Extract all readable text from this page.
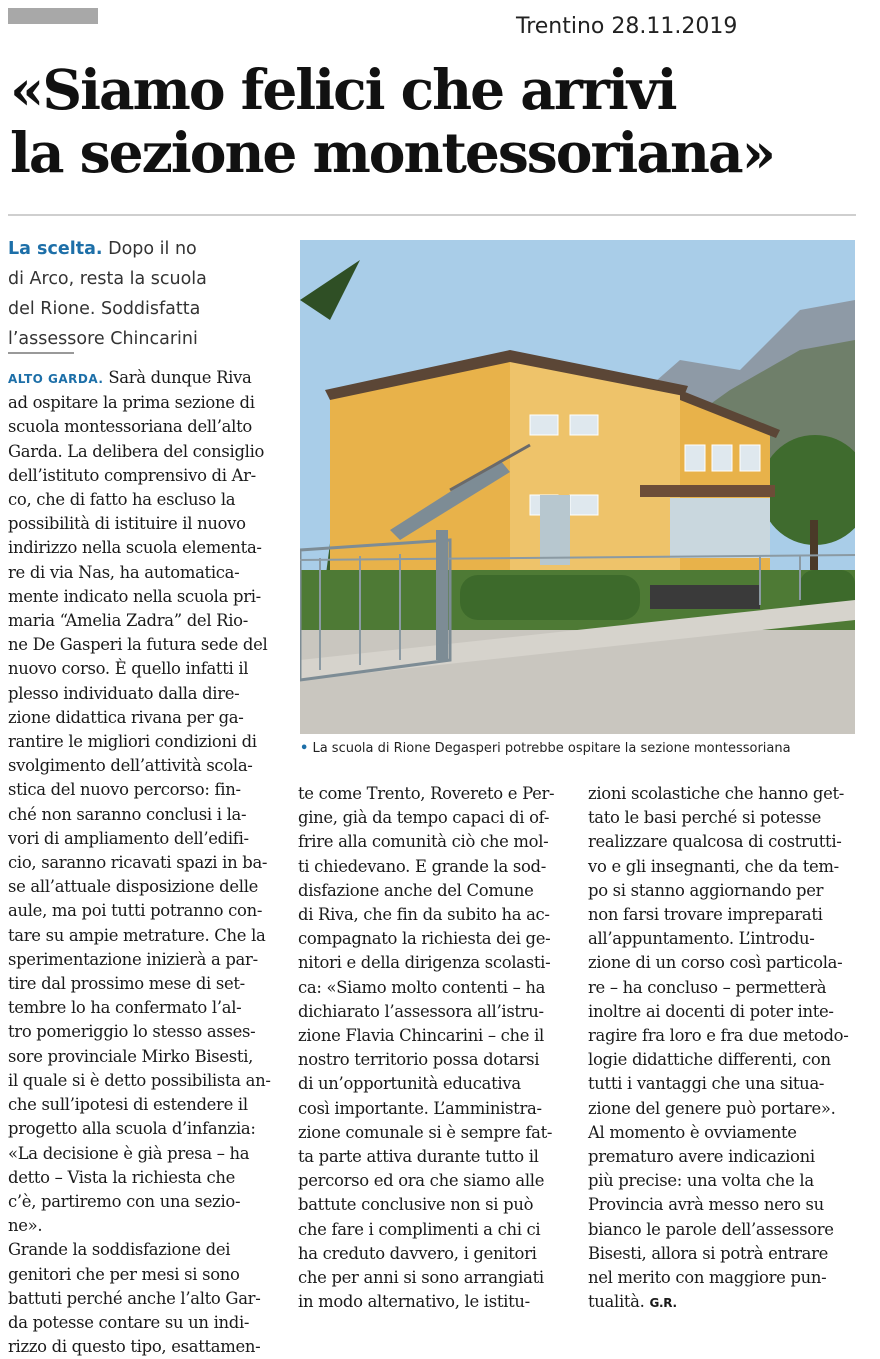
Trentino 28.11.2019
«Siamo felici che arrivi
la sezione montessoriana»
La scelta. Dopo il no
di Arco, resta la scuola
del Rione. Soddisfatta
l’assessore Chincarini
• La scuola di Rione Degasperi potrebbe ospitare la sezione montessoriana
ALTO GARDA. Sarà dunque Riva
ad ospitare la prima sezione di
scuola montessoriana dell’alto
Garda. La delibera del consiglio
dell’istituto comprensivo di Ar-
co, che di fatto ha escluso la
possibilità di istituire il nuovo
indirizzo nella scuola elementa-
re di via Nas, ha automatica-
mente indicato nella scuola pri-
maria “Amelia Zadra” del Rio-
ne De Gasperi la futura sede del
nuovo corso. È quello infatti il
plesso individuato dalla dire-
zione didattica rivana per ga-
rantire le migliori condizioni di
svolgimento dell’attività scola-
stica del nuovo percorso: fin-
ché non saranno conclusi i la-
vori di ampliamento dell’edifi-
cio, saranno ricavati spazi in ba-
se all’attuale disposizione delle
aule, ma poi tutti potranno con-
tare su ampie metrature. Che la
sperimentazione inizierà a par-
tire dal prossimo mese di set-
tembre lo ha confermato l’al-
tro pomeriggio lo stesso asses-
sore provinciale Mirko Bisesti,
il quale si è detto possibilista an-
che sull’ipotesi di estendere il
progetto alla scuola d’infanzia:
«La decisione è già presa – ha
detto – Vista la richiesta che
c’è, partiremo con una sezio-
ne».
Grande la soddisfazione dei
genitori che per mesi si sono
battuti perché anche l’alto Gar-
da potesse contare su un indi-
rizzo di questo tipo, esattamen-
te come Trento, Rovereto e Per-
gine, già da tempo capaci di of-
frire alla comunità ciò che mol-
ti chiedevano. E grande la sod-
disfazione anche del Comune
di Riva, che fin da subito ha ac-
compagnato la richiesta dei ge-
nitori e della dirigenza scolasti-
ca: «Siamo molto contenti – ha
dichiarato l’assessora all’istru-
zione Flavia Chincarini – che il
nostro territorio possa dotarsi
di un’opportunità educativa
così importante. L’amministra-
zione comunale si è sempre fat-
ta parte attiva durante tutto il
percorso ed ora che siamo alle
battute conclusive non si può
che fare i complimenti a chi ci
ha creduto davvero, i genitori
che per anni si sono arrangiati
in modo alternativo, le istitu-
zioni scolastiche che hanno get-
tato le basi perché si potesse
realizzare qualcosa di costrutti-
vo e gli insegnanti, che da tem-
po si stanno aggiornando per
non farsi trovare impreparati
all’appuntamento. L’introdu-
zione di un corso così particola-
re – ha concluso – permetterà
inoltre ai docenti di poter inte-
ragire fra loro e fra due metodo-
logie didattiche differenti, con
tutti i vantaggi che una situa-
zione del genere può portare».
Al momento è ovviamente
prematuro avere indicazioni
più precise: una volta che la
Provincia avrà messo nero su
bianco le parole dell’assessore
Bisesti, allora si potrà entrare
nel merito con maggiore pun-
tualità. G.R.
